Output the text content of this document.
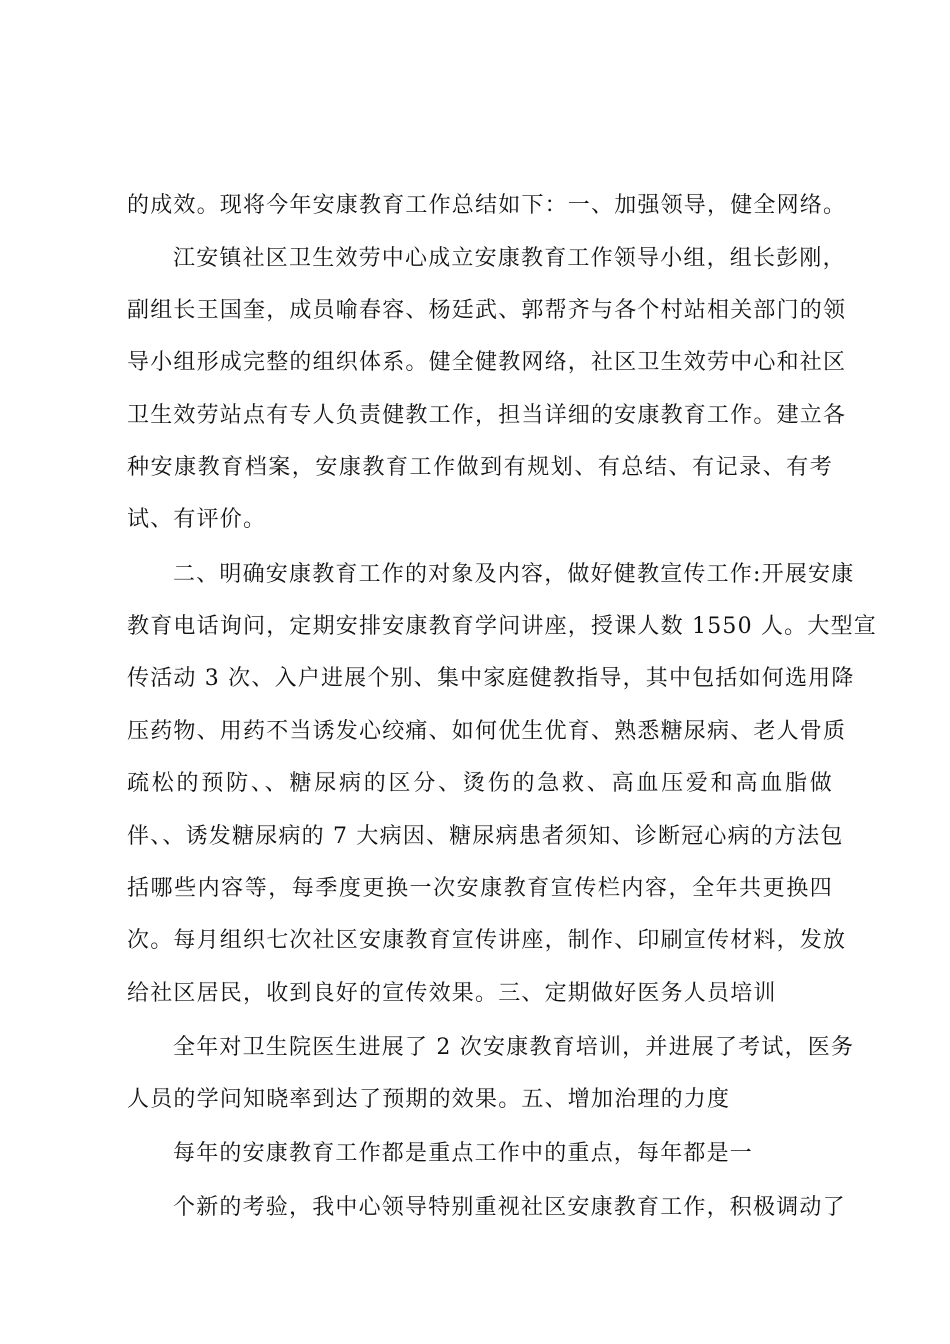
的成效。现将今年安康教育工作总结如下：一、加强领导，健全网络。
江安镇社区卫生效劳中心成立安康教育工作领导小组，组长彭刚，
副组长王国奎，成员喻春容、杨廷武、郭帮齐与各个村站相关部门的领
导小组形成完整的组织体系。健全健教网络，社区卫生效劳中心和社区
卫生效劳站点有专人负责健教工作，担当详细的安康教育工作。建立各
种安康教育档案，安康教育工作做到有规划、有总结、有记录、有考
试、有评价。
二、明确安康教育工作的对象及内容，做好健教宣传工作:开展安康
教育电话询问，定期安排安康教育学问讲座，授课人数 1550 人。大型宣
传活动 3 次、入户进展个别、集中家庭健教指导，其中包括如何选用降
压药物、用药不当诱发心绞痛、如何优生优育、熟悉糖尿病、老人骨质
疏松的预防、、糖尿病的区分、烫伤的急救、高血压爱和高血脂做
伴、、诱发糖尿病的 7 大病因、糖尿病患者须知、诊断冠心病的方法包
括哪些内容等，每季度更换一次安康教育宣传栏内容，全年共更换四
次。每月组织七次社区安康教育宣传讲座，制作、印刷宣传材料，发放
给社区居民，收到良好的宣传效果。三、定期做好医务人员培训
全年对卫生院医生进展了 2 次安康教育培训，并进展了考试，医务
人员的学问知晓率到达了预期的效果。五、增加治理的力度
每年的安康教育工作都是重点工作中的重点，每年都是一
个新的考验，我中心领导特别重视社区安康教育工作，积极调动了
